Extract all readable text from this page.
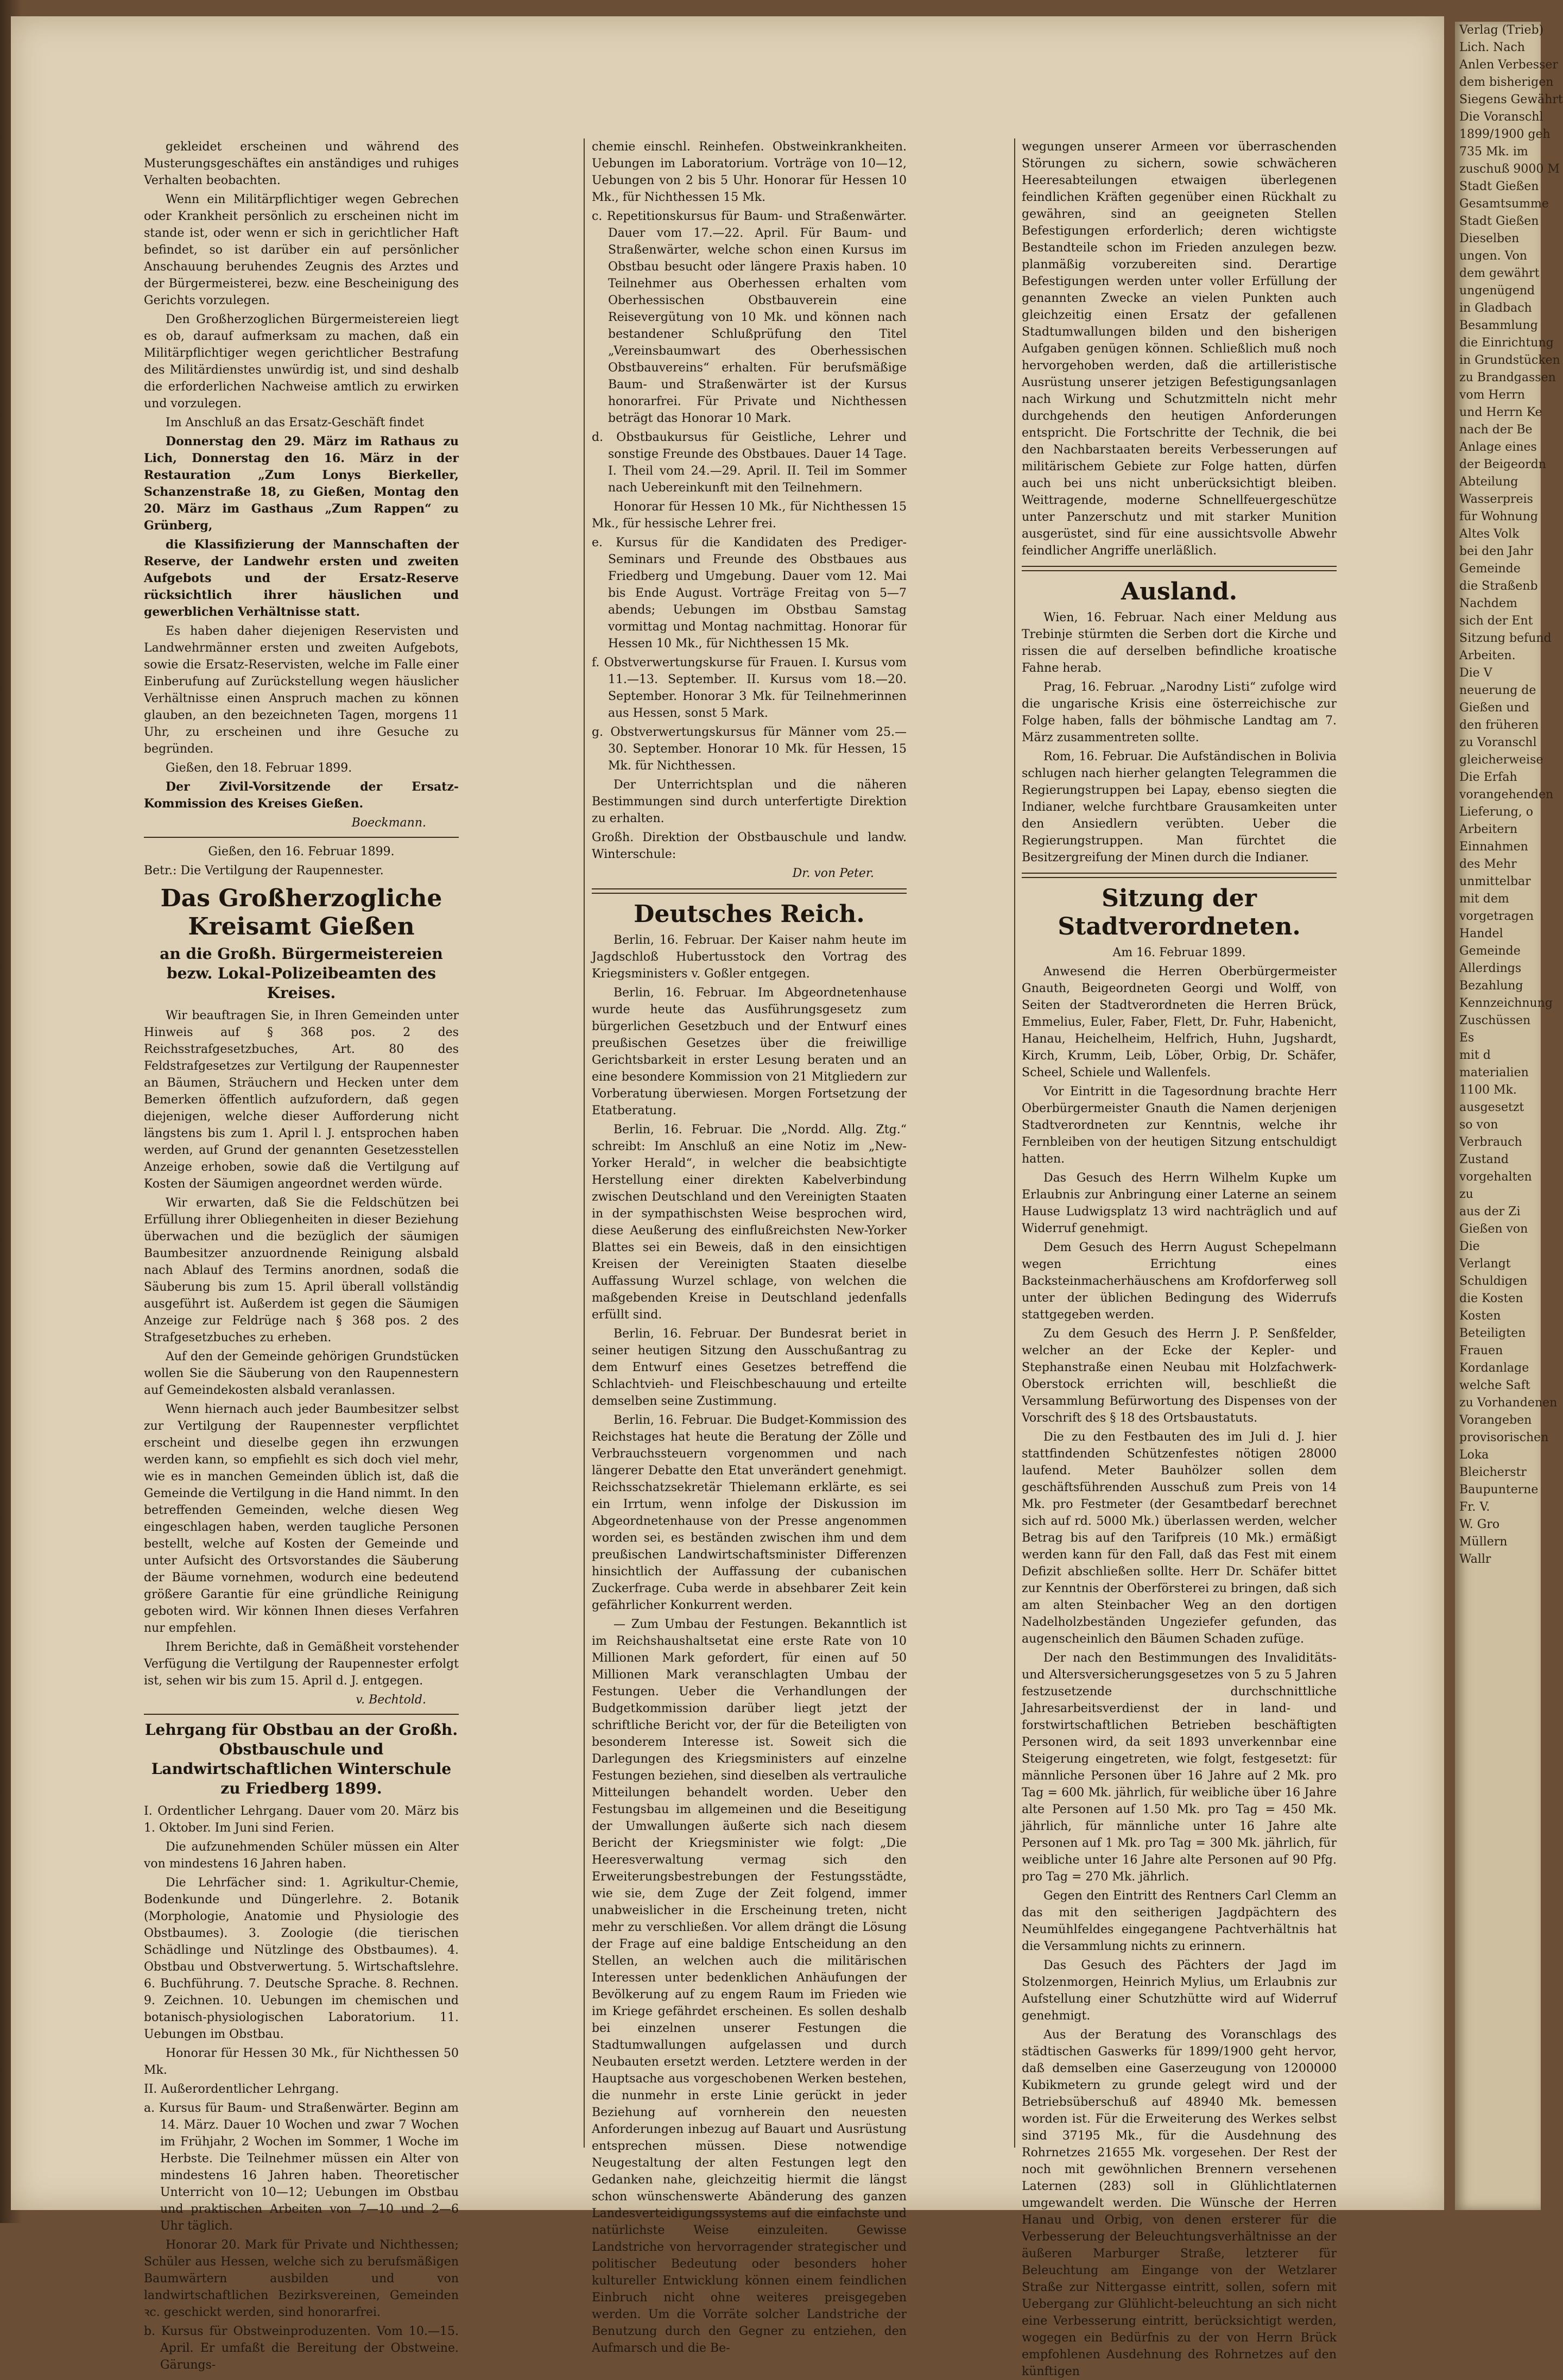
Verlag (Trieb)
Lich. Nach
Anlen Verbesser
dem bisherigen
Siegens Gewährt
Die Voranschl
1899/1900 geh
735 Mk. im
zuschuß 9000 M
Stadt Gießen
Gesamtsumme
Stadt Gießen
Dieselben
ungen. Von
dem gewährt
ungenügend
in Gladbach
Besammlung
die Einrichtung
in Grundstücken
zu Brandgassen
vom Herrn
und Herrn Ke
nach der Be
Anlage eines
der Beigeordn
Abteilung
Wasserpreis
für Wohnung
Altes Volk
bei den Jahr
Gemeinde
die Straßenb
Nachdem
sich der Ent
Sitzung befund
Arbeiten.
Die V
neuerung de
Gießen und
den früheren
zu Voranschl
gleicherweise
Die Erfah
vorangehenden
Lieferung, o
Arbeitern
Einnahmen
des Mehr
unmittelbar
mit dem
vorgetragen
Handel
Gemeinde
Allerdings
Bezahlung
Kennzeichnung
Zuschüssen
Es
mit d
materialien
1100 Mk.
ausgesetzt
so von
Verbrauch
Zustand
vorgehalten
zu
aus der Zi
Gießen von
Die
Verlangt
Schuldigen
die Kosten
Kosten
Beteiligten
Frauen
Kordanlage
welche Saft
zu Vorhandenen
Vorangeben
provisorischen
Loka
Bleicherstr
Baupunterne
Fr. V.
W. Gro
Müllern
Wallr

gekleidet erscheinen und während des Musterungsgeschäftes ein anständiges und ruhiges Verhalten beobachten.

Wenn ein Militärpflichtiger wegen Gebrechen oder Krankheit persönlich zu erscheinen nicht im stande ist, oder wenn er sich in gerichtlicher Haft befindet, so ist darüber ein auf persönlicher Anschauung beruhendes Zeugnis des Arztes und der Bürgermeisterei, bezw. eine Bescheinigung des Gerichts vorzulegen.

Den Großherzoglichen Bürgermeistereien liegt es ob, darauf aufmerksam zu machen, daß ein Militärpflichtiger wegen gerichtlicher Bestrafung des Militärdienstes unwürdig ist, und sind deshalb die erforderlichen Nachweise amtlich zu erwirken und vorzulegen.

Im Anschluß an das Ersatz-Geschäft findet

Donnerstag den 29. März im Rathaus zu Lich, Donnerstag den 16. März in der Restauration „Zum Lonys Bierkeller, Schanzenstraße 18, zu Gießen, Montag den 20. März im Gasthaus „Zum Rappen“ zu Grünberg,

die Klassifizierung der Mannschaften der Reserve, der Landwehr ersten und zweiten Aufgebots und der Ersatz-Reserve rücksichtlich ihrer häuslichen und gewerblichen Verhältnisse statt.

Es haben daher diejenigen Reservisten und Landwehrmänner ersten und zweiten Aufgebots, sowie die Ersatz-Reservisten, welche im Falle einer Einberufung auf Zurückstellung wegen häuslicher Verhältnisse einen Anspruch machen zu können glauben, an den bezeichneten Tagen, morgens 11 Uhr, zu erscheinen und ihre Gesuche zu begründen.

Gießen, den 18. Februar 1899.

Der Zivil-Vorsitzende der Ersatz-Kommission des Kreises Gießen.

Boeckmann.

Gießen, den 16. Februar 1899.

Betr.: Die Vertilgung der Raupennester.

Das Großherzogliche Kreisamt Gießen
an die Großh. Bürgermeistereien bezw. Lokal-Polizeibeamten des Kreises.

Wir beauftragen Sie, in Ihren Gemeinden unter Hinweis auf § 368 pos. 2 des Reichsstrafgesetzbuches, Art. 80 des Feldstrafgesetzes zur Vertilgung der Raupennester an Bäumen, Sträuchern und Hecken unter dem Bemerken öffentlich aufzufordern, daß gegen diejenigen, welche dieser Aufforderung nicht längstens bis zum 1. April l. J. entsprochen haben werden, auf Grund der genannten Gesetzesstellen Anzeige erhoben, sowie daß die Vertilgung auf Kosten der Säumigen angeordnet werden würde.

Wir erwarten, daß Sie die Feldschützen bei Erfüllung ihrer Obliegenheiten in dieser Beziehung überwachen und die bezüglich der säumigen Baumbesitzer anzuordnende Reinigung alsbald nach Ablauf des Termins anordnen, sodaß die Säuberung bis zum 15. April überall vollständig ausgeführt ist. Außerdem ist gegen die Säumigen Anzeige zur Feldrüge nach § 368 pos. 2 des Strafgesetzbuches zu erheben.

Auf den der Gemeinde gehörigen Grundstücken wollen Sie die Säuberung von den Raupennestern auf Gemeindekosten alsbald veranlassen.

Wenn hiernach auch jeder Baumbesitzer selbst zur Vertilgung der Raupennester verpflichtet erscheint und dieselbe gegen ihn erzwungen werden kann, so empfiehlt es sich doch viel mehr, wie es in manchen Gemeinden üblich ist, daß die Gemeinde die Vertilgung in die Hand nimmt. In den betreffenden Gemeinden, welche diesen Weg eingeschlagen haben, werden taugliche Personen bestellt, welche auf Kosten der Gemeinde und unter Aufsicht des Ortsvorstandes die Säuberung der Bäume vornehmen, wodurch eine bedeutend größere Garantie für eine gründliche Reinigung geboten wird. Wir können Ihnen dieses Verfahren nur empfehlen.

Ihrem Berichte, daß in Gemäßheit vorstehender Verfügung die Vertilgung der Raupennester erfolgt ist, sehen wir bis zum 15. April d. J. entgegen.

v. Bechtold.

Lehrgang für Obstbau an der Großh. Obstbauschule und Landwirtschaftlichen Winterschule zu Friedberg 1899.

I. Ordentlicher Lehrgang. Dauer vom 20. März bis 1. Oktober. Im Juni sind Ferien.

Die aufzunehmenden Schüler müssen ein Alter von mindestens 16 Jahren haben.

Die Lehrfächer sind: 1. Agrikultur-Chemie, Bodenkunde und Düngerlehre. 2. Botanik (Morphologie, Anatomie und Physiologie des Obstbaumes). 3. Zoologie (die tierischen Schädlinge und Nützlinge des Obstbaumes). 4. Obstbau und Obstverwertung. 5. Wirtschaftslehre. 6. Buchführung. 7. Deutsche Sprache. 8. Rechnen. 9. Zeichnen. 10. Uebungen im chemischen und botanisch-physiologischen Laboratorium. 11. Uebungen im Obstbau.

Honorar für Hessen 30 Mk., für Nichthessen 50 Mk.

II. Außerordentlicher Lehrgang.

a. Kursus für Baum- und Straßenwärter. Beginn am 14. März. Dauer 10 Wochen und zwar 7 Wochen im Frühjahr, 2 Wochen im Sommer, 1 Woche im Herbste. Die Teilnehmer müssen ein Alter von mindestens 16 Jahren haben. Theoretischer Unterricht von 10—12; Uebungen im Obstbau und praktischen Arbeiten von 7—10 und 2—6 Uhr täglich.

Honorar 20. Mark für Private und Nichthessen; Schüler aus Hessen, welche sich zu berufsmäßigen Baumwärtern ausbilden und von landwirtschaftlichen Bezirksvereinen, Gemeinden ꝛc. geschickt werden, sind honorarfrei.

b. Kursus für Obstweinproduzenten. Vom 10.—15. April. Er umfaßt die Bereitung der Obstweine. Gärungs-

chemie einschl. Reinhefen. Obstweinkrankheiten. Uebungen im Laboratorium. Vorträge von 10—12, Uebungen von 2 bis 5 Uhr. Honorar für Hessen 10 Mk., für Nichthessen 15 Mk.

c. Repetitionskursus für Baum- und Straßenwärter. Dauer vom 17.—22. April. Für Baum- und Straßenwärter, welche schon einen Kursus im Obstbau besucht oder längere Praxis haben. 10 Teilnehmer aus Oberhessen erhalten vom Oberhessischen Obstbauverein eine Reisevergütung von 10 Mk. und können nach bestandener Schlußprüfung den Titel „Vereinsbaumwart des Oberhessischen Obstbauvereins“ erhalten. Für berufsmäßige Baum- und Straßenwärter ist der Kursus honorarfrei. Für Private und Nichthessen beträgt das Honorar 10 Mark.

d. Obstbaukursus für Geistliche, Lehrer und sonstige Freunde des Obstbaues. Dauer 14 Tage. I. Theil vom 24.—29. April. II. Teil im Sommer nach Uebereinkunft mit den Teilnehmern.

Honorar für Hessen 10 Mk., für Nichthessen 15 Mk., für hessische Lehrer frei.

e. Kursus für die Kandidaten des Prediger-Seminars und Freunde des Obstbaues aus Friedberg und Umgebung. Dauer vom 12. Mai bis Ende August. Vorträge Freitag von 5—7 abends; Uebungen im Obstbau Samstag vormittag und Montag nachmittag. Honorar für Hessen 10 Mk., für Nichthessen 15 Mk.

f. Obstverwertungskurse für Frauen. I. Kursus vom 11.—13. September. II. Kursus vom 18.—20. September. Honorar 3 Mk. für Teilnehmerinnen aus Hessen, sonst 5 Mark.

g. Obstverwertungskursus für Männer vom 25.—30. September. Honorar 10 Mk. für Hessen, 15 Mk. für Nichthessen.

Der Unterrichtsplan und die näheren Bestimmungen sind durch unterfertigte Direktion zu erhalten.

Großh. Direktion der Obstbauschule und landw. Winterschule:

Dr. von Peter.

Deutsches Reich.

Berlin, 16. Februar. Der Kaiser nahm heute im Jagdschloß Hubertusstock den Vortrag des Kriegsministers v. Goßler entgegen.

Berlin, 16. Februar. Im Abgeordnetenhause wurde heute das Ausführungsgesetz zum bürgerlichen Gesetzbuch und der Entwurf eines preußischen Gesetzes über die freiwillige Gerichtsbarkeit in erster Lesung beraten und an eine besondere Kommission von 21 Mitgliedern zur Vorberatung überwiesen. Morgen Fortsetzung der Etatberatung.

Berlin, 16. Februar. Die „Nordd. Allg. Ztg.“ schreibt: Im Anschluß an eine Notiz im „New-Yorker Herald“, in welcher die beabsichtigte Herstellung einer direkten Kabelverbindung zwischen Deutschland und den Vereinigten Staaten in der sympathischsten Weise besprochen wird, diese Aeußerung des einflußreichsten New-Yorker Blattes sei ein Beweis, daß in den einsichtigen Kreisen der Vereinigten Staaten dieselbe Auffassung Wurzel schlage, von welchen die maßgebenden Kreise in Deutschland jedenfalls erfüllt sind.

Berlin, 16. Februar. Der Bundesrat beriet in seiner heutigen Sitzung den Ausschußantrag zu dem Entwurf eines Gesetzes betreffend die Schlachtvieh- und Fleischbeschauung und erteilte demselben seine Zustimmung.

Berlin, 16. Februar. Die Budget-Kommission des Reichstages hat heute die Beratung der Zölle und Verbrauchssteuern vorgenommen und nach längerer Debatte den Etat unverändert genehmigt. Reichsschatzsekretär Thielemann erklärte, es sei ein Irrtum, wenn infolge der Diskussion im Abgeordnetenhause von der Presse angenommen worden sei, es beständen zwischen ihm und dem preußischen Landwirtschaftsminister Differenzen hinsichtlich der Auffassung der cubanischen Zuckerfrage. Cuba werde in absehbarer Zeit kein gefährlicher Konkurrent werden.

— Zum Umbau der Festungen. Bekanntlich ist im Reichshaushaltsetat eine erste Rate von 10 Millionen Mark gefordert, für einen auf 50 Millionen Mark veranschlagten Umbau der Festungen. Ueber die Verhandlungen der Budgetkommission darüber liegt jetzt der schriftliche Bericht vor, der für die Beteiligten von besonderem Interesse ist. Soweit sich die Darlegungen des Kriegsministers auf einzelne Festungen beziehen, sind dieselben als vertrauliche Mitteilungen behandelt worden. Ueber den Festungsbau im allgemeinen und die Beseitigung der Umwallungen äußerte sich nach diesem Bericht der Kriegsminister wie folgt: „Die Heeresverwaltung vermag sich den Erweiterungsbestrebungen der Festungsstädte, wie sie, dem Zuge der Zeit folgend, immer unabweislicher in die Erscheinung treten, nicht mehr zu verschließen. Vor allem drängt die Lösung der Frage auf eine baldige Entscheidung an den Stellen, an welchen auch die militärischen Interessen unter bedenklichen Anhäufungen der Bevölkerung auf zu engem Raum im Frieden wie im Kriege gefährdet erscheinen. Es sollen deshalb bei einzelnen unserer Festungen die Stadtumwallungen aufgelassen und durch Neubauten ersetzt werden. Letztere werden in der Hauptsache aus vorgeschobenen Werken bestehen, die nunmehr in erste Linie gerückt in jeder Beziehung auf vornherein den neuesten Anforderungen inbezug auf Bauart und Ausrüstung entsprechen müssen. Diese notwendige Neugestaltung der alten Festungen legt den Gedanken nahe, gleichzeitig hiermit die längst schon wünschenswerte Abänderung des ganzen Landesverteidigungssystems auf die einfachste und natürlichste Weise einzuleiten. Gewisse Landstriche von hervorragender strategischer und politischer Bedeutung oder besonders hoher kultureller Entwicklung können einem feindlichen Einbruch nicht ohne weiteres preisgegeben werden. Um die Vorräte solcher Landstriche der Benutzung durch den Gegner zu entziehen, den Aufmarsch und die Be-

wegungen unserer Armeen vor überraschenden Störungen zu sichern, sowie schwächeren Heeresabteilungen etwaigen überlegenen feindlichen Kräften gegenüber einen Rückhalt zu gewähren, sind an geeigneten Stellen Befestigungen erforderlich; deren wichtigste Bestandteile schon im Frieden anzulegen bezw. planmäßig vorzubereiten sind. Derartige Befestigungen werden unter voller Erfüllung der genannten Zwecke an vielen Punkten auch gleichzeitig einen Ersatz der gefallenen Stadtumwallungen bilden und den bisherigen Aufgaben genügen können. Schließlich muß noch hervorgehoben werden, daß die artilleristische Ausrüstung unserer jetzigen Befestigungsanlagen nach Wirkung und Schutzmitteln nicht mehr durchgehends den heutigen Anforderungen entspricht. Die Fortschritte der Technik, die bei den Nachbarstaaten bereits Verbesserungen auf militärischem Gebiete zur Folge hatten, dürfen auch bei uns nicht unberücksichtigt bleiben. Weittragende, moderne Schnellfeuergeschütze unter Panzerschutz und mit starker Munition ausgerüstet, sind für eine aussichtsvolle Abwehr feindlicher Angriffe unerläßlich.

Ausland.

Wien, 16. Februar. Nach einer Meldung aus Trebinje stürmten die Serben dort die Kirche und rissen die auf derselben befindliche kroatische Fahne herab.

Prag, 16. Februar. „Narodny Listi“ zufolge wird die ungarische Krisis eine österreichische zur Folge haben, falls der böhmische Landtag am 7. März zusammentreten sollte.

Rom, 16. Februar. Die Aufständischen in Bolivia schlugen nach hierher gelangten Telegrammen die Regierungstruppen bei Lapay, ebenso siegten die Indianer, welche furchtbare Grausamkeiten unter den Ansiedlern verübten. Ueber die Regierungstruppen. Man fürchtet die Besitzergreifung der Minen durch die Indianer.

Sitzung der Stadtverordneten.

Am 16. Februar 1899.

Anwesend die Herren Oberbürgermeister Gnauth, Beigeordneten Georgi und Wolff, von Seiten der Stadtverordneten die Herren Brück, Emmelius, Euler, Faber, Flett, Dr. Fuhr, Habenicht, Hanau, Heichelheim, Helfrich, Huhn, Jugshardt, Kirch, Krumm, Leib, Löber, Orbig, Dr. Schäfer, Scheel, Schiele und Wallenfels.

Vor Eintritt in die Tagesordnung brachte Herr Oberbürgermeister Gnauth die Namen derjenigen Stadtverordneten zur Kenntnis, welche ihr Fernbleiben von der heutigen Sitzung entschuldigt hatten.

Das Gesuch des Herrn Wilhelm Kupke um Erlaubnis zur Anbringung einer Laterne an seinem Hause Ludwigsplatz 13 wird nachträglich und auf Widerruf genehmigt.

Dem Gesuch des Herrn August Schepelmann wegen Errichtung eines Backsteinmacherhäuschens am Krofdorferweg soll unter der üblichen Bedingung des Widerrufs stattgegeben werden.

Zu dem Gesuch des Herrn J. P. Senßfelder, welcher an der Ecke der Kepler- und Stephanstraße einen Neubau mit Holzfachwerk-Oberstock errichten will, beschließt die Versammlung Befürwortung des Dispenses von der Vorschrift des § 18 des Ortsbaustatuts.

Die zu den Festbauten des im Juli d. J. hier stattfindenden Schützenfestes nötigen 28000 laufend. Meter Bauhölzer sollen dem geschäftsführenden Ausschuß zum Preis von 14 Mk. pro Festmeter (der Gesamtbedarf berechnet sich auf rd. 5000 Mk.) überlassen werden, welcher Betrag bis auf den Tarifpreis (10 Mk.) ermäßigt werden kann für den Fall, daß das Fest mit einem Defizit abschließen sollte. Herr Dr. Schäfer bittet zur Kenntnis der Oberförsterei zu bringen, daß sich am alten Steinbacher Weg an den dortigen Nadelholzbeständen Ungeziefer gefunden, das augenscheinlich den Bäumen Schaden zufüge.

Der nach den Bestimmungen des Invaliditäts- und Altersversicherungsgesetzes von 5 zu 5 Jahren festzusetzende durchschnittliche Jahresarbeitsverdienst der in land- und forstwirtschaftlichen Betrieben beschäftigten Personen wird, da seit 1893 unverkennbar eine Steigerung eingetreten, wie folgt, festgesetzt: für männliche Personen über 16 Jahre auf 2 Mk. pro Tag = 600 Mk. jährlich, für weibliche über 16 Jahre alte Personen auf 1.50 Mk. pro Tag = 450 Mk. jährlich, für männliche unter 16 Jahre alte Personen auf 1 Mk. pro Tag = 300 Mk. jährlich, für weibliche unter 16 Jahre alte Personen auf 90 Pfg. pro Tag = 270 Mk. jährlich.

Gegen den Eintritt des Rentners Carl Clemm an das mit den seitherigen Jagdpächtern des Neumühlfeldes eingegangene Pachtverhältnis hat die Versammlung nichts zu erinnern.

Das Gesuch des Pächters der Jagd im Stolzenmorgen, Heinrich Mylius, um Erlaubnis zur Aufstellung einer Schutzhütte wird auf Widerruf genehmigt.

Aus der Beratung des Voranschlags des städtischen Gaswerks für 1899/1900 geht hervor, daß demselben eine Gaserzeugung von 1200000 Kubikmetern zu grunde gelegt wird und der Betriebsüberschuß auf 48940 Mk. bemessen worden ist. Für die Erweiterung des Werkes selbst sind 37195 Mk., für die Ausdehnung des Rohrnetzes 21655 Mk. vorgesehen. Der Rest der noch mit gewöhnlichen Brennern versehenen Laternen (283) soll in Glühlichtlaternen umgewandelt werden. Die Wünsche der Herren Hanau und Orbig, von denen ersterer für die Verbesserung der Beleuchtungsverhältnisse an der äußeren Marburger Straße, letzterer für Beleuchtung am Eingange von der Wetzlarer Straße zur Nittergasse eintritt, sollen, sofern mit Uebergang zur Glühlicht-beleuchtung an sich nicht eine Verbesserung eintritt, berücksichtigt werden, wogegen ein Bedürfnis zu der von Herrn Brück empfohlenen Ausdehnung des Rohrnetzes auf den künftigen
